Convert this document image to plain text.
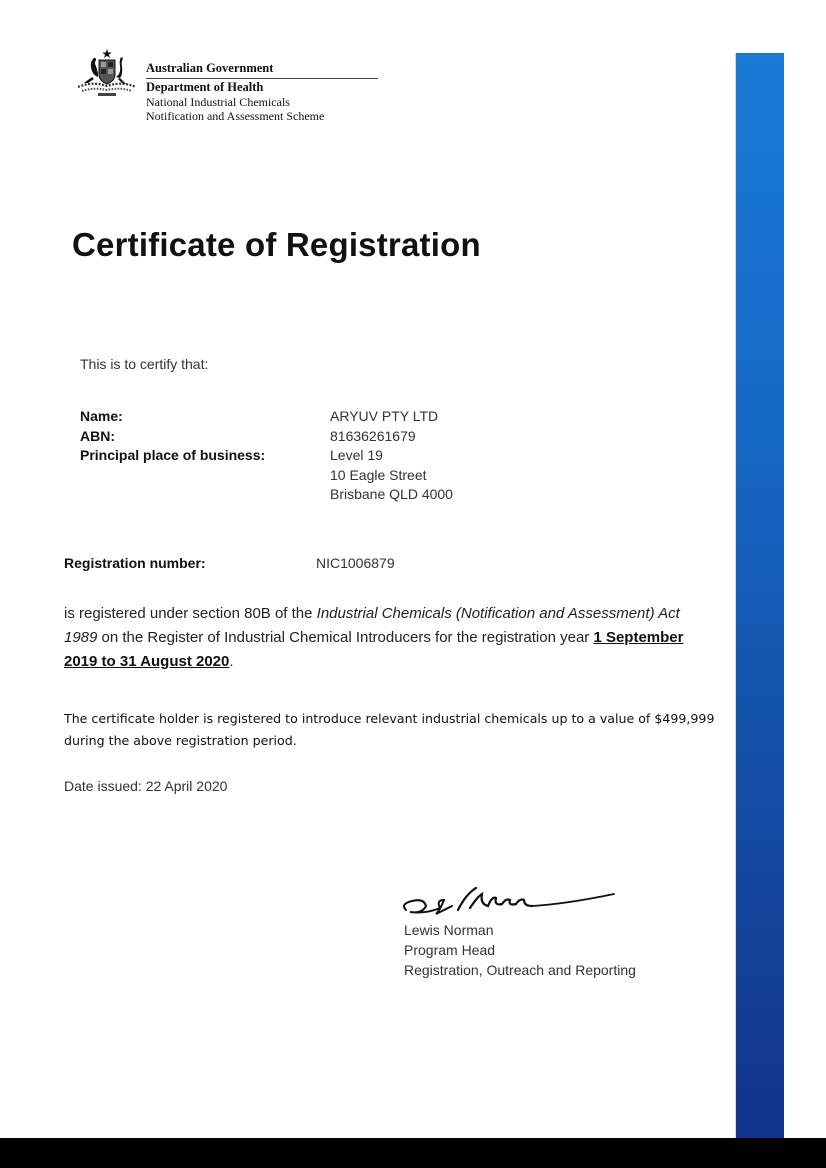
Australian Government
Department of Health
National Industrial Chemicals
Notification and Assessment Scheme
Certificate of Registration
This is to certify that:
Name:	ARYUV PTY LTD
ABN:	81636261679
Principal place of business:	Level 19
10 Eagle Street
Brisbane QLD 4000
Registration number:	NIC1006879
is registered under section 80B of the Industrial Chemicals (Notification and Assessment) Act 1989 on the Register of Industrial Chemical Introducers for the registration year 1 September 2019 to 31 August 2020.
The certificate holder is registered to introduce relevant industrial chemicals up to a value of $499,999 during the above registration period.
Date issued: 22 April 2020
Lewis Norman
Program Head
Registration, Outreach and Reporting
